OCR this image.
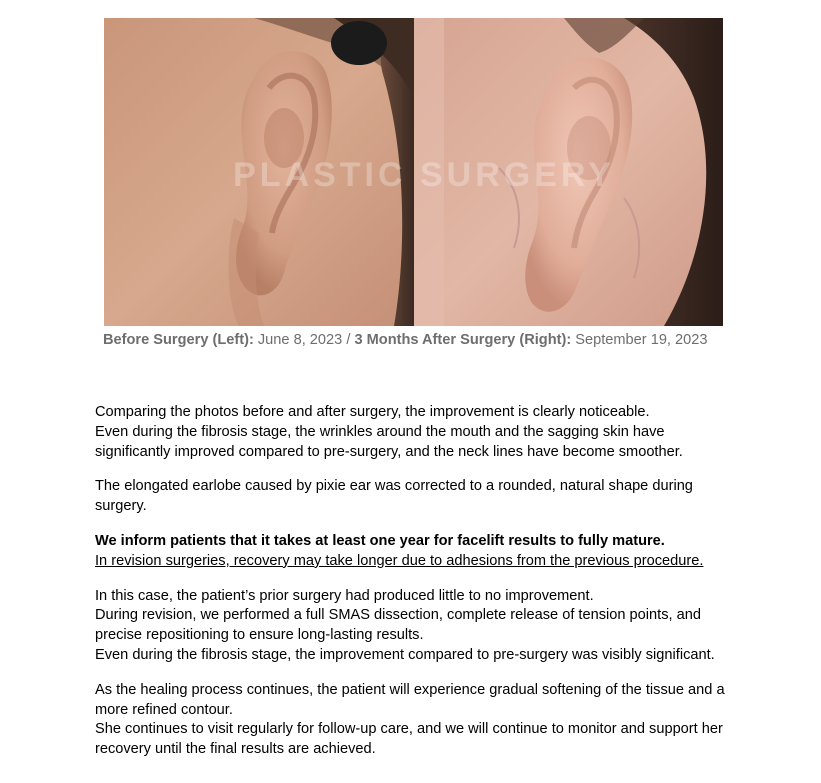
PLASTIC SURGERY
Before Surgery (Left): June 8, 2023 / 3 Months After Surgery (Right): September 19, 2023

Comparing the photos before and after surgery, the improvement is clearly noticeable.
Even during the fibrosis stage, the wrinkles around the mouth and the sagging skin have significantly improved compared to pre-surgery, and the neck lines have become smoother.

The elongated earlobe caused by pixie ear was corrected to a rounded, natural shape during surgery.

We inform patients that it takes at least one year for facelift results to fully mature.
In revision surgeries, recovery may take longer due to adhesions from the previous procedure.

In this case, the patient’s prior surgery had produced little to no improvement.
During revision, we performed a full SMAS dissection, complete release of tension points, and precise repositioning to ensure long-lasting results.
Even during the fibrosis stage, the improvement compared to pre-surgery was visibly significant.

As the healing process continues, the patient will experience gradual softening of the tissue and a more refined contour.
She continues to visit regularly for follow-up care, and we will continue to monitor and support her recovery until the final results are achieved.
